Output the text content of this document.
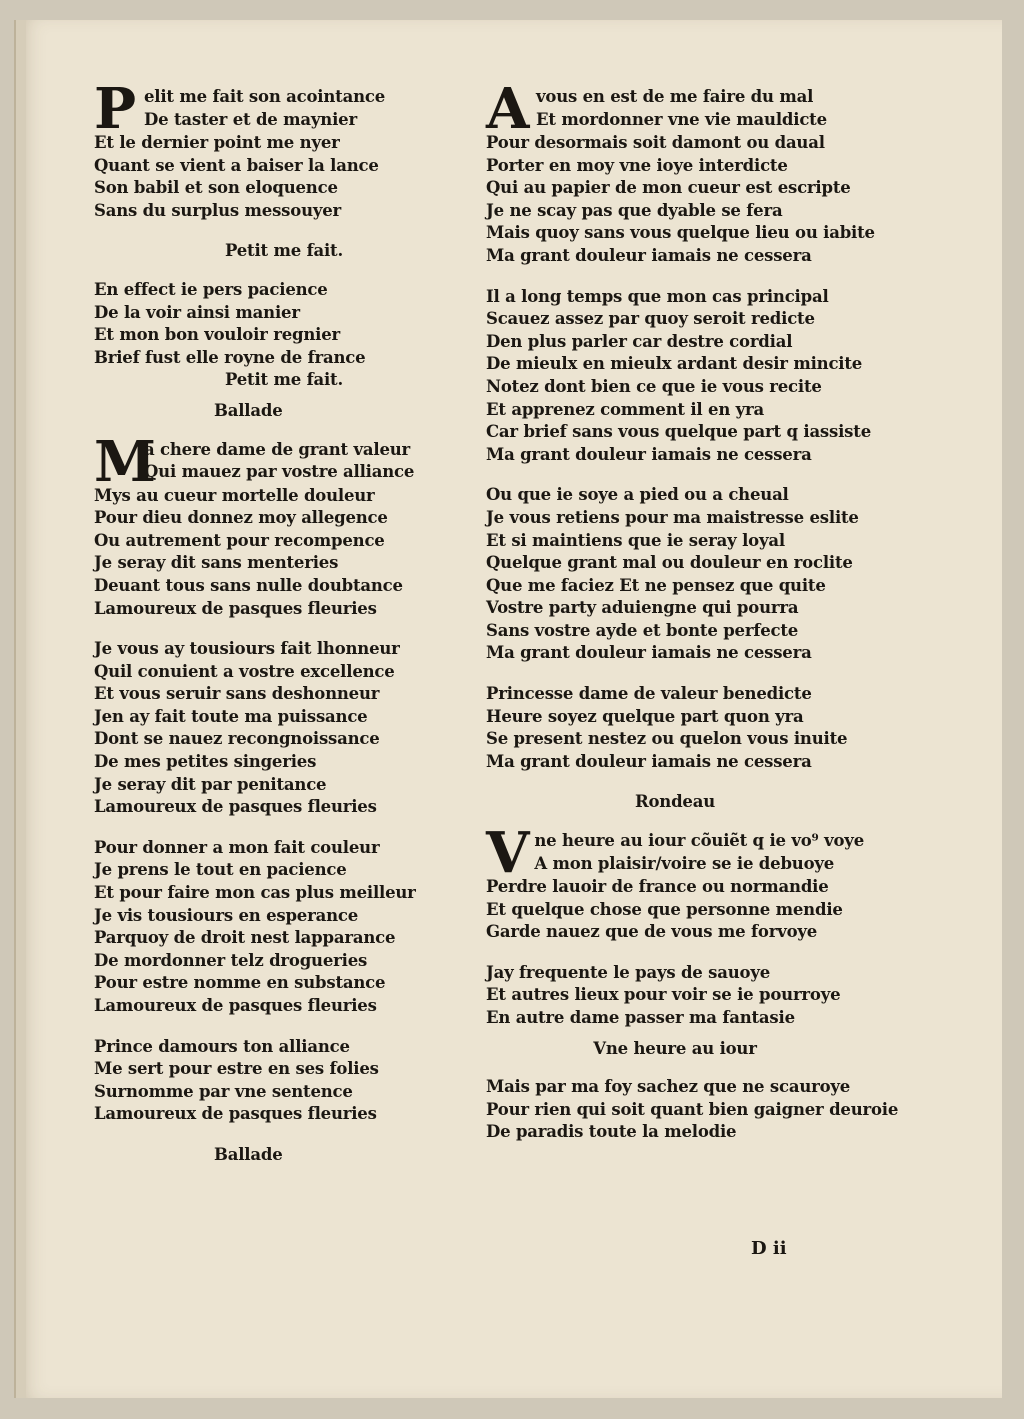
P elit me fait son acointance
De taster et de maynier
Et le dernier point me nyer
Quant se vient a baiser la lance
Son babil et son eloquence
Sans du surplus messouyer
Petit me fait.
En effect ie pers pacience
De la voir ainsi manier
Et mon bon vouloir regnier
Brief fust elle royne de france
Petit me fait.
Ballade
M
a chere dame de grant valeur
Qui mauez par vostre alliance
Mys au cueur mortelle douleur
Pour dieu donnez moy allegence
Ou autrement pour recompence
Je seray dit sans menteries
Deuant tous sans nulle doubtance
Lamoureux de pasques fleuries
Je vous ay tousiours fait lhonneur
Quil conuient a vostre excellence
Et vous seruir sans deshonneur
Jen ay fait toute ma puissance
Dont se nauez recongnoissance
De mes petites singeries
Je seray dit par penitance
Lamoureux de pasques fleuries
Pour donner a mon fait couleur
Je prens le tout en pacience
Et pour faire mon cas plus meilleur
Je vis tousiours en esperance
Parquoy de droit nest lapparance
De mordonner telz drogueries
Pour estre nomme en substance
Lamoureux de pasques fleuries
Prince damours ton alliance
Me sert pour estre en ses folies
Surnomme par vne sentence
Lamoureux de pasques fleuries
Ballade
A vous en est de me faire du mal
Et mordonner vne vie mauldicte
Pour desormais soit damont ou daual
Porter en moy vne ioye interdicte
Qui au papier de mon cueur est escripte
Je ne scay pas que dyable se fera
Mais quoy sans vous quelque lieu ou iabite
Ma grant douleur iamais ne cessera
Il a long temps que mon cas principal
Scauez assez par quoy seroit redicte
Den plus parler car destre cordial
De mieulx en mieulx ardant desir mincite
Notez dont bien ce que ie vous recite
Et apprenez comment il en yra
Car brief sans vous quelque part q iassiste
Ma grant douleur iamais ne cessera
Ou que ie soye a pied ou a cheual
Je vous retiens pour ma maistresse eslite
Et si maintiens que ie seray loyal
Quelque grant mal ou douleur en roclite
Que me faciez Et ne pensez que quite
Vostre party aduiengne qui pourra
Sans vostre ayde et bonte perfecte
Ma grant douleur iamais ne cessera
Princesse dame de valeur benedicte
Heure soyez quelque part quon yra
Se present nestez ou quelon vous inuite
Ma grant douleur iamais ne cessera
Rondeau
V ne heure au iour cõuiẽt q ie vo⁹ voye
A mon plaisir/voire se ie debuoye
Perdre lauoir de france ou normandie
Et quelque chose que personne mendie
Garde nauez que de vous me forvoye
Jay frequente le pays de sauoye
Et autres lieux pour voir se ie pourroye
En autre dame passer ma fantasie
Vne heure au iour
Mais par ma foy sachez que ne scauroye
Pour rien qui soit quant bien gaigner deuroie
De paradis toute la melodie
D ii
